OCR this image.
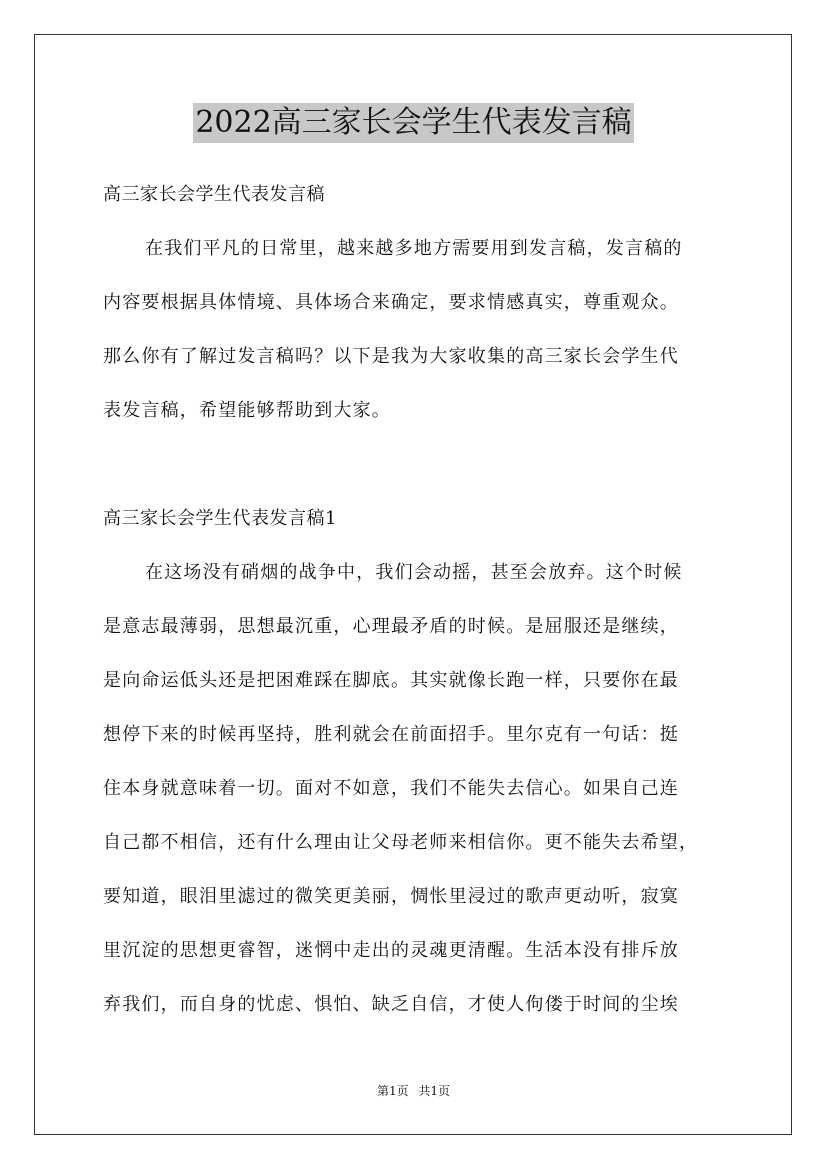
2022高三家长会学生代表发言稿
高三家长会学生代表发言稿
在我们平凡的日常里，越来越多地方需要用到发言稿，发言稿的
内容要根据具体情境、具体场合来确定，要求情感真实，尊重观众。
那么你有了解过发言稿吗？以下是我为大家收集的高三家长会学生代
表发言稿，希望能够帮助到大家。
高三家长会学生代表发言稿1
在这场没有硝烟的战争中，我们会动摇，甚至会放弃。这个时候
是意志最薄弱，思想最沉重，心理最矛盾的时候。是屈服还是继续，
是向命运低头还是把困难踩在脚底。其实就像长跑一样，只要你在最
想停下来的时候再坚持，胜利就会在前面招手。里尔克有一句话：挺
住本身就意味着一切。面对不如意，我们不能失去信心。如果自己连
自己都不相信，还有什么理由让父母老师来相信你。更不能失去希望，
要知道，眼泪里滤过的微笑更美丽，惆怅里浸过的歌声更动听，寂寞
里沉淀的思想更睿智，迷惘中走出的灵魂更清醒。生活本没有排斥放
弃我们，而自身的忧虑、惧怕、缺乏自信，才使人佝偻于时间的尘埃
第1页 共1页
